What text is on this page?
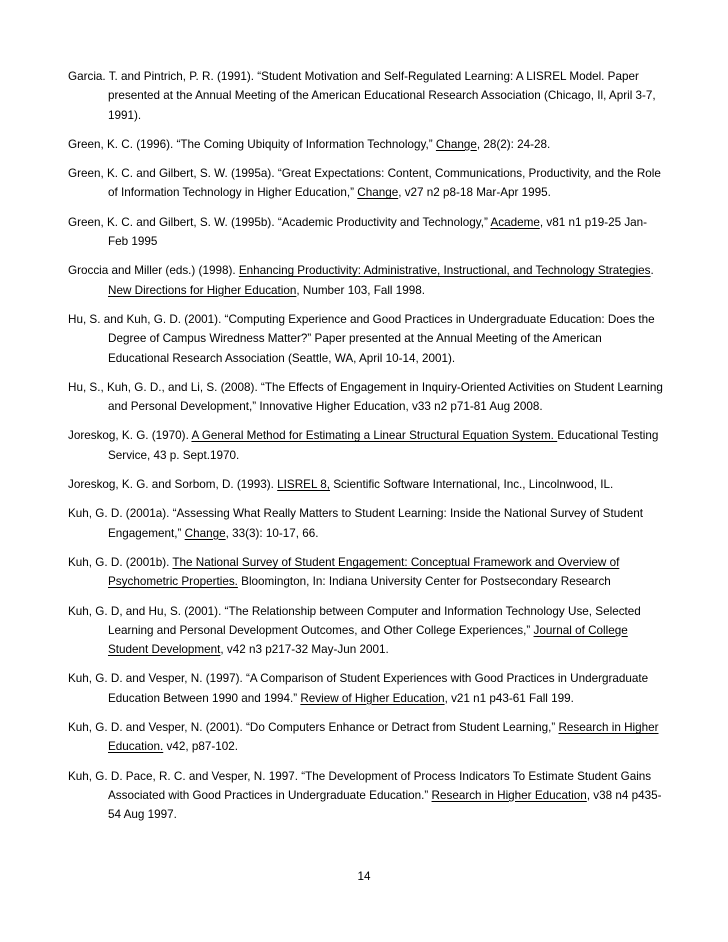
Garcia. T. and Pintrich, P. R. (1991). “Student Motivation and Self-Regulated Learning: A LISREL Model. Paper presented at the Annual Meeting of the American Educational Research Association (Chicago, Il, April 3-7, 1991).

Green, K. C. (1996). “The Coming Ubiquity of Information Technology,” Change, 28(2): 24-28.

Green, K. C. and Gilbert, S. W. (1995a). “Great Expectations: Content, Communications, Productivity, and the Role of Information Technology in Higher Education,” Change, v27 n2 p8-18 Mar-Apr 1995.

Green, K. C. and Gilbert, S. W. (1995b). “Academic Productivity and Technology,” Academe, v81 n1 p19-25 Jan-Feb 1995

Groccia and Miller (eds.) (1998). Enhancing Productivity: Administrative, Instructional, and Technology Strategies. New Directions for Higher Education, Number 103, Fall 1998.

Hu, S. and Kuh, G. D. (2001). “Computing Experience and Good Practices in Undergraduate Education: Does the Degree of Campus Wiredness Matter?” Paper presented at the Annual Meeting of the American Educational Research Association (Seattle, WA, April 10-14, 2001).

Hu, S., Kuh, G. D., and Li, S. (2008). “The Effects of Engagement in Inquiry-Oriented Activities on Student Learning and Personal Development,” Innovative Higher Education, v33 n2 p71-81 Aug 2008.

Joreskog, K. G. (1970). A General Method for Estimating a Linear Structural Equation System. Educational Testing Service, 43 p. Sept.1970.

Joreskog, K. G. and Sorbom, D. (1993). LISREL 8, Scientific Software International, Inc., Lincolnwood, IL.

Kuh, G. D. (2001a). “Assessing What Really Matters to Student Learning: Inside the National Survey of Student Engagement,” Change, 33(3): 10-17, 66.

Kuh, G. D. (2001b). The National Survey of Student Engagement: Conceptual Framework and Overview of Psychometric Properties. Bloomington, In: Indiana University Center for Postsecondary Research

Kuh, G. D, and Hu, S. (2001). “The Relationship between Computer and Information Technology Use, Selected Learning and Personal Development Outcomes, and Other College Experiences,” Journal of College Student Development, v42 n3 p217-32 May-Jun 2001.

Kuh, G. D. and Vesper, N. (1997). “A Comparison of Student Experiences with Good Practices in Undergraduate Education Between 1990 and 1994.” Review of Higher Education, v21 n1 p43-61 Fall 199.

Kuh, G. D. and Vesper, N. (2001). “Do Computers Enhance or Detract from Student Learning,” Research in Higher Education. v42, p87-102.

Kuh, G. D. Pace, R. C. and Vesper, N. 1997. “The Development of Process Indicators To Estimate Student Gains Associated with Good Practices in Undergraduate Education.” Research in Higher Education, v38 n4 p435-54 Aug 1997.

14
